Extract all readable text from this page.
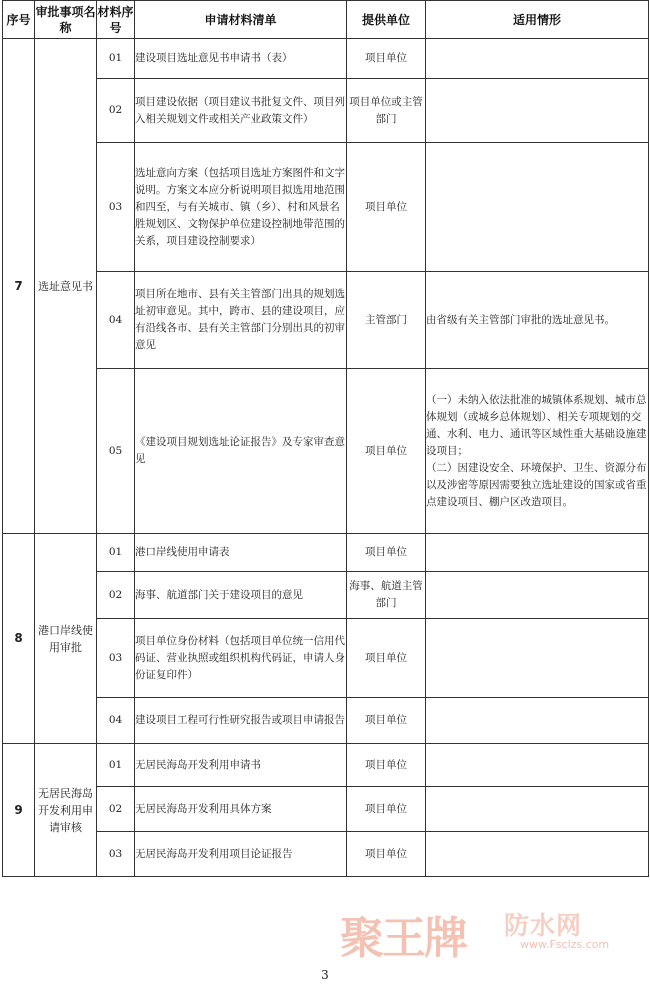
序号	审批事项名称	材料序号	申请材料清单	提供单位	适用情形
7	选址意见书	01	建设项目选址意见书申请书（表）	项目单位	
		02	项目建设依据（项目建议书批复文件、项目列入相关规划文件或相关产业政策文件）	项目单位或主管部门	
		03	选址意向方案（包括项目选址方案图件和文字说明。方案文本应分析说明项目拟选用地范围和四至，与有关城市、镇（乡）、村和风景名胜规划区、文物保护单位建设控制地带范围的关系，项目建设控制要求）	项目单位	
		04	项目所在地市、县有关主管部门出具的规划选址初审意见。其中，跨市、县的建设项目，应有沿线各市、县有关主管部门分别出具的初审意见	主管部门	由省级有关主管部门审批的选址意见书。
		05	《建设项目规划选址论证报告》及专家审查意见	项目单位	（一）未纳入依法批准的城镇体系规划、城市总体规划（或城乡总体规划）、相关专项规划的交通、水利、电力、通讯等区域性重大基础设施建设项目；
（二）因建设安全、环境保护、卫生、资源分布以及涉密等原因需要独立选址建设的国家或省重点建设项目、棚户区改造项目。
8	港口岸线使用审批	01	港口岸线使用申请表	项目单位	
		02	海事、航道部门关于建设项目的意见	海事、航道主管部门	
		03	项目单位身份材料（包括项目单位统一信用代码证、营业执照或组织机构代码证，申请人身份证复印件）	项目单位	
		04	建设项目工程可行性研究报告或项目申请报告	项目单位	
9	无居民海岛开发利用申请审核	01	无居民海岛开发利用申请书	项目单位	
		02	无居民海岛开发利用具体方案	项目单位	
		03	无居民海岛开发利用项目论证报告	项目单位	
聚王牌 防水网
www.Fsclzs.com
3
